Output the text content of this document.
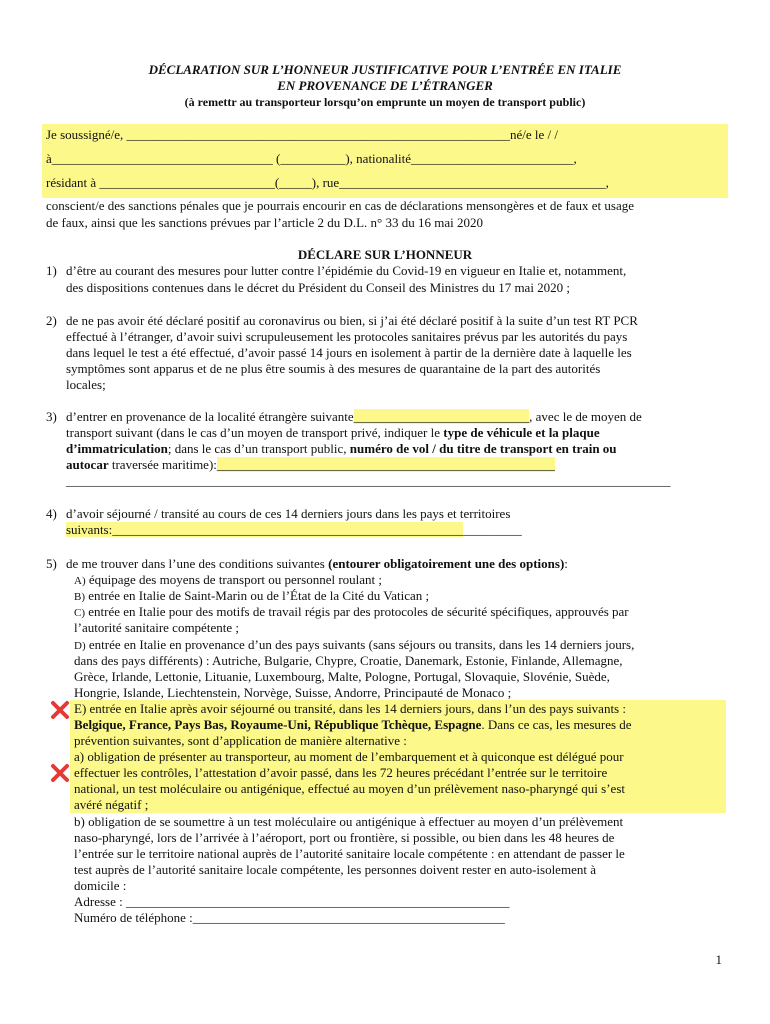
DÉCLARATION SUR L’HONNEUR JUSTIFICATIVE POUR L’ENTRÉE EN ITALIE
EN PROVENANCE DE L’ÉTRANGER
(à remettr au transporteur lorsqu’on emprunte un moyen de transport public)
Je soussigné/e, ___________________________________________________________né/e le / /
à__________________________________ (__________), nationalité_________________________,
résidant à ___________________________(_____), rue_________________________________________,
conscient/e des sanctions pénales que je pourrais encourir en cas de déclarations mensongères et de faux et usage
de faux, ainsi que les sanctions prévues par l’article 2 du D.L. n° 33 du 16 mai 2020
DÉCLARE SUR L’HONNEUR
1) d’être au courant des mesures pour lutter contre l’épidémie du Covid-19 en vigueur en Italie et, notamment,
des dispositions contenues dans le décret du Président du Conseil des Ministres du 17 mai 2020 ;
2) de ne pas avoir été déclaré positif au coronavirus ou bien, si j’ai été déclaré positif à la suite d’un test RT PCR
effectué à l’étranger, d’avoir suivi scrupuleusement les protocoles sanitaires prévus par les autorités du pays
dans lequel le test a été effectué, d’avoir passé 14 jours en isolement à partir de la dernière date à laquelle les
symptômes sont apparus et de ne plus être soumis à des mesures de quarantaine de la part des autorités
locales;
3) d’entrer en provenance de la localité étrangère suivante___________________________, avec le de moyen de
transport suivant (dans le cas d’un moyen de transport privé, indiquer le type de véhicule et la plaque
d’immatriculation; dans le cas d’un transport public, numéro de vol / du titre de transport en train ou
autocar traversée maritime):____________________________________________________
_____________________________________________________________________________________________
4) d’avoir séjourné / transité au cours de ces 14 derniers jours dans les pays et territoires
suivants:_______________________________________________________________
5) de me trouver dans l’une des conditions suivantes (entourer obligatoirement une des options):
A) équipage des moyens de transport ou personnel roulant ;
B) entrée en Italie de Saint-Marin ou de l’État de la Cité du Vatican ;
C) entrée en Italie pour des motifs de travail régis par des protocoles de sécurité spécifiques, approuvés par
l’autorité sanitaire compétente ;
D) entrée en Italie en provenance d’un des pays suivants (sans séjours ou transits, dans les 14 derniers jours,
dans des pays différents) : Autriche, Bulgarie, Chypre, Croatie, Danemark, Estonie, Finlande, Allemagne,
Grèce, Irlande, Lettonie, Lituanie, Luxembourg, Malte, Pologne, Portugal, Slovaquie, Slovénie, Suède,
Hongrie, Islande, Liechtenstein, Norvège, Suisse, Andorre, Principauté de Monaco ;
E) entrée en Italie après avoir séjourné ou transité, dans les 14 derniers jours, dans l’un des pays suivants :
Belgique, France, Pays Bas, Royaume-Uni, République Tchèque, Espagne. Dans ce cas, les mesures de
prévention suivantes, sont d’application de manière alternative :
a) obligation de présenter au transporteur, au moment de l’embarquement et à quiconque est délégué pour
effectuer les contrôles, l’attestation d’avoir passé, dans les 72 heures précédant l’entrée sur le territoire
national, un test moléculaire ou antigénique, effectué au moyen d’un prélèvement naso-pharyngé qui s’est
avéré négatif ;
b) obligation de se soumettre à un test moléculaire ou antigénique à effectuer au moyen d’un prélèvement
naso-pharyngé, lors de l’arrivée à l’aéroport, port ou frontière, si possible, ou bien dans les 48 heures de
l’entrée sur le territoire national auprès de l’autorité sanitaire locale compétente : en attendant de passer le
test auprès de l’autorité sanitaire locale compétente, les personnes doivent rester en auto-isolement à
domicile :
Adresse : ___________________________________________________________
Numéro de téléphone :________________________________________________
1
